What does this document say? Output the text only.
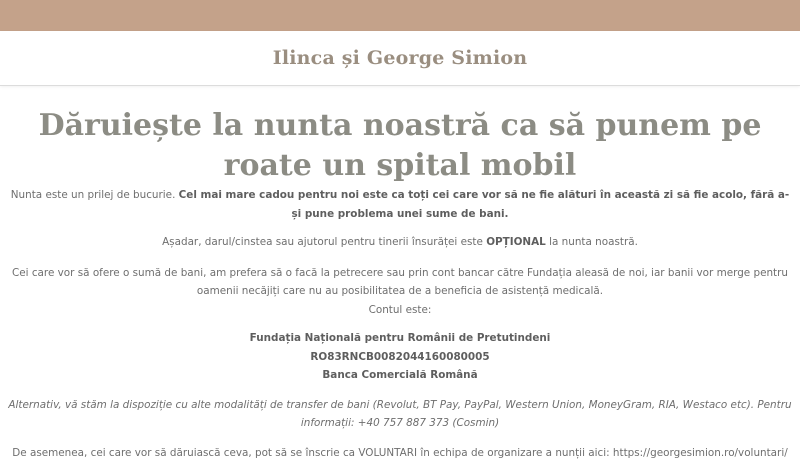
Ilinca și George Simion
Dăruiește la nunta noastră ca să punem pe roate un spital mobil

Nunta este un prilej de bucurie. Cel mai mare cadou pentru noi este ca toți cei care vor să ne fie alături în această zi să fie acolo, fără a-și pune problema unei sume de bani.

Așadar, darul/cinstea sau ajutorul pentru tinerii însurăței este OPȚIONAL la nunta noastră.

Cei care vor să ofere o sumă de bani, am prefera să o facă la petrecere sau prin cont bancar către Fundația aleasă de noi, iar banii vor merge pentru oamenii necăjiți care nu au posibilitatea de a beneficia de asistență medicală.

Contul este:

Fundația Națională pentru Românii de Pretutindeni

RO83RNCB0082044160080005

Banca Comercială Română

Alternativ, vă stăm la dispoziție cu alte modalități de transfer de bani (Revolut, BT Pay, PayPal, Western Union, MoneyGram, RIA, Westaco etc). Pentru informații: +40 757 887 373 (Cosmin)

De asemenea, cei care vor să dăruiască ceva, pot să se înscrie ca VOLUNTARI în echipa de organizare a nunții aici: https://georgesimion.ro/voluntari/
